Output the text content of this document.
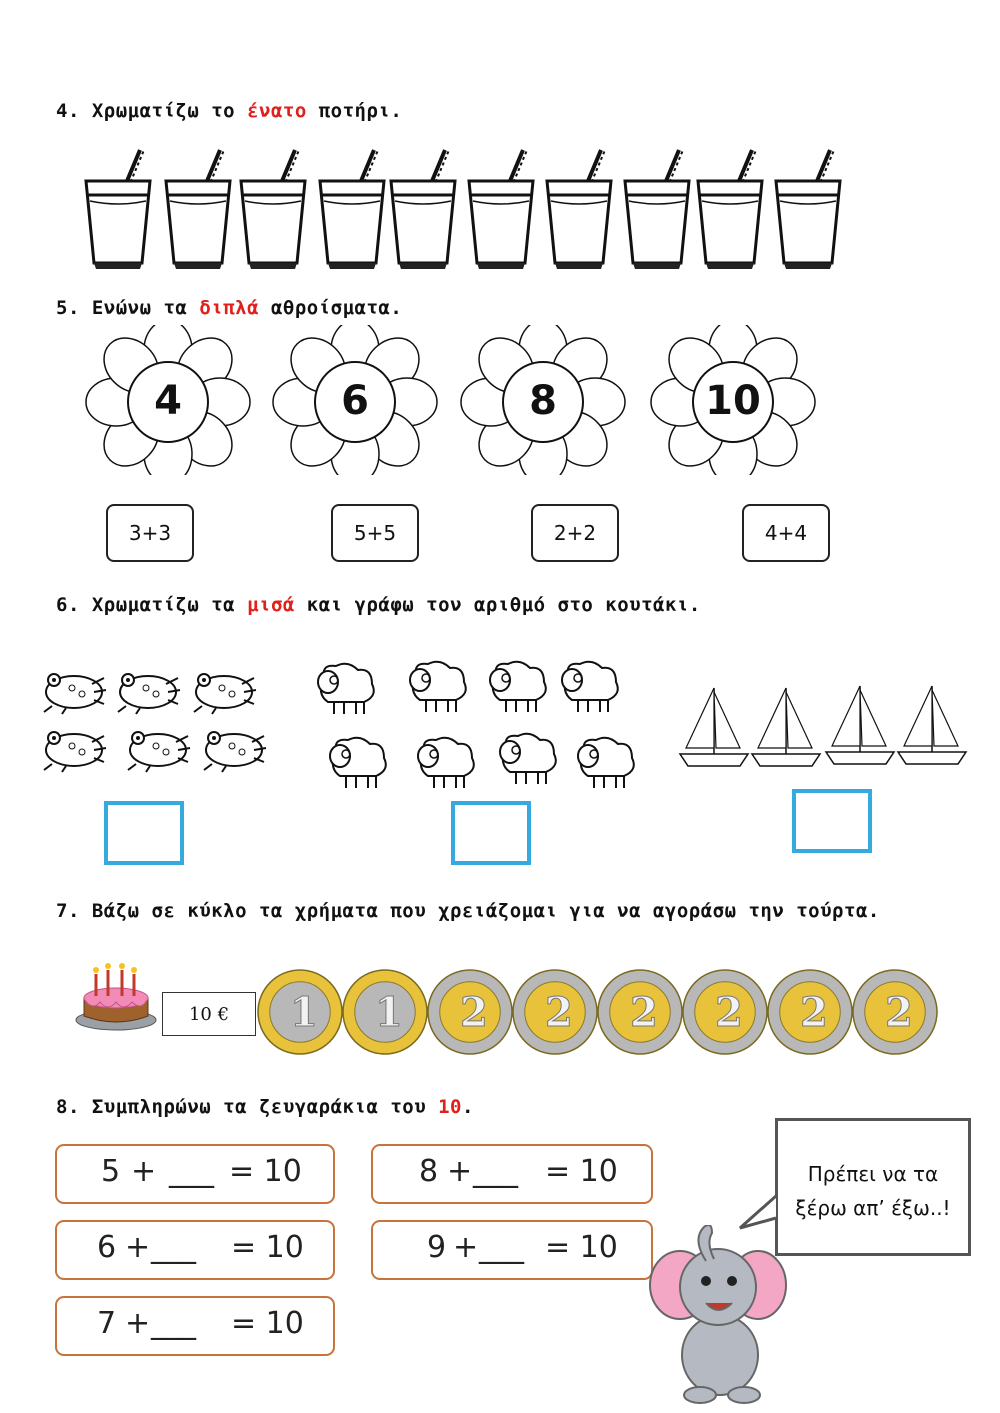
4. Χρωματίζω το ένατο ποτήρι.
5. Ενώνω τα διπλά αθροίσματα.
4	6	8	10
3+3	5+5	2+2	4+4
6. Χρωματίζω τα μισά και γράφω τον αριθμό στο κουτάκι.
7. Βάζω σε κύκλο τα χρήματα που χρειάζομαι για να αγοράσω την τούρτα.
10 €	1 1 2 2 2 2 2 2
8. Συμπληρώνω τα ζευγαράκια του 10.
5 + ___ = 10	8 + ___ = 10
6 + ___ = 10	9 + ___ = 10
7 + ___ = 10
Πρέπει να τα
ξέρω απ’ έξω..!
